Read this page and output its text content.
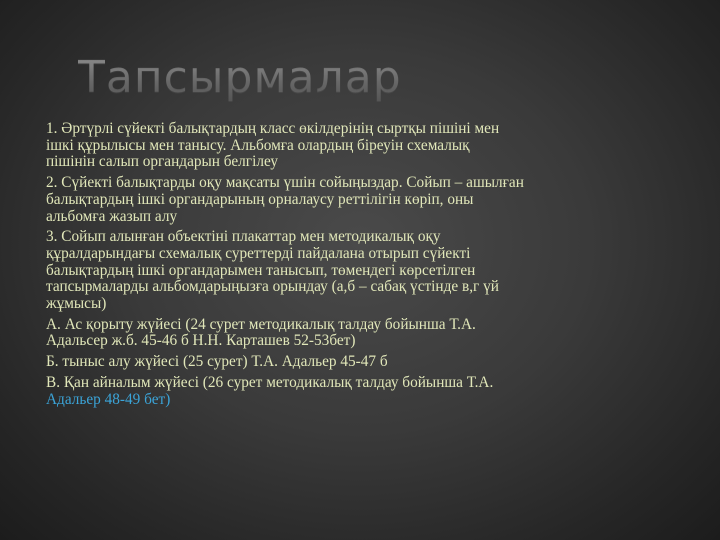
Тапсырмалар
1. Әртүрлі сүйекті балықтардың класс өкілдерінің сыртқы пішіні мен
ішкі құрылысы мен танысу. Альбомға олардың біреуін схемалық
пішінін салып органдарын белгілеу
2. Сүйекті балықтарды оқу мақсаты үшін сойыңыздар. Сойып – ашылған
балықтардың ішкі органдарының орналаусу реттілігін көріп, оны
альбомға жазып алу
3. Сойып алынған объектіні плакаттар мен методикалық оқу
құралдарындағы схемалық суреттерді пайдалана отырып сүйекті
балықтардың ішкі органдарымен танысып, төмендегі көрсетілген
тапсырмаларды альбомдарыңызға орындау (а,б – сабақ үстінде в,г үй
жұмысы)
А. Ас қорыту жүйесі (24 сурет методикалық талдау бойынша Т.А.
Адальсер ж.б. 45-46 б Н.Н. Карташев 52-53бет)
Б. тыныс алу жүйесі (25 сурет) Т.А. Адальер 45-47 б
В. Қан айналым жүйесі (26 сурет методикалық талдау бойынша Т.А.
Адальер 48-49 бет)
